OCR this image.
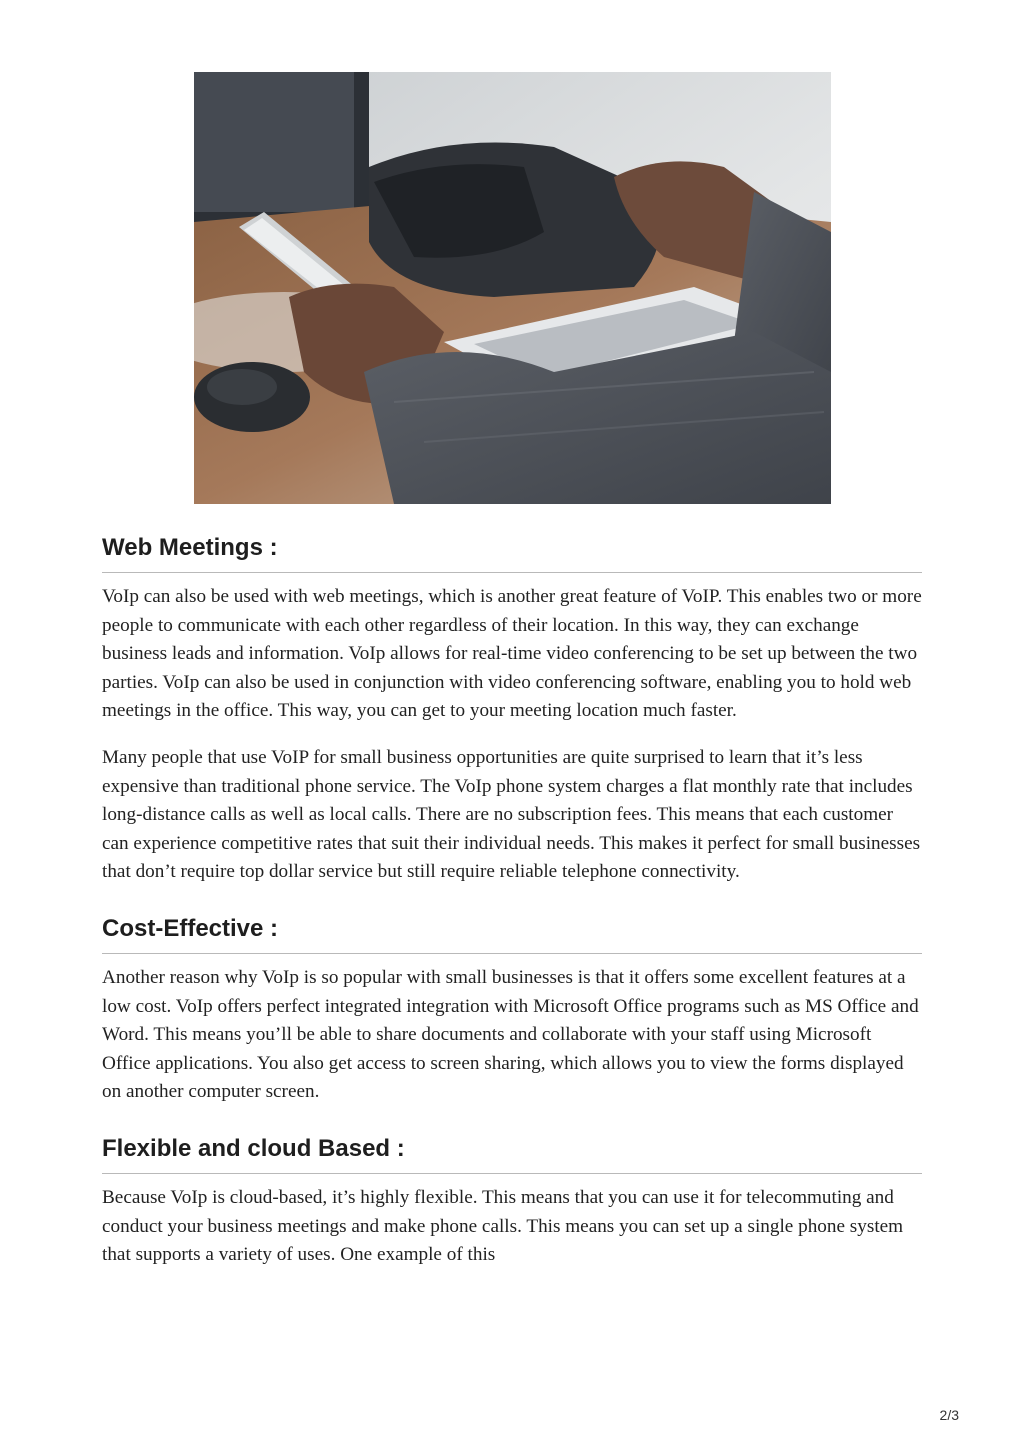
Web Meetings :

VoIp can also be used with web meetings, which is another great feature of VoIP. This enables two or more people to communicate with each other regardless of their location. In this way, they can exchange business leads and information. VoIp allows for real-time video conferencing to be set up between the two parties. VoIp can also be used in conjunction with video conferencing software, enabling you to hold web meetings in the office. This way, you can get to your meeting location much faster.

Many people that use VoIP for small business opportunities are quite surprised to learn that it’s less expensive than traditional phone service. The VoIp phone system charges a flat monthly rate that includes long-distance calls as well as local calls. There are no subscription fees. This means that each customer can experience competitive rates that suit their individual needs. This makes it perfect for small businesses that don’t require top dollar service but still require reliable telephone connectivity.

Cost-Effective :

Another reason why VoIp is so popular with small businesses is that it offers some excellent features at a low cost. VoIp offers perfect integrated integration with Microsoft Office programs such as MS Office and Word. This means you’ll be able to share documents and collaborate with your staff using Microsoft Office applications. You also get access to screen sharing, which allows you to view the forms displayed on another computer screen.

Flexible and cloud Based :

Because VoIp is cloud-based, it’s highly flexible. This means that you can use it for telecommuting and conduct your business meetings and make phone calls. This means you can set up a single phone system that supports a variety of uses. One example of this

2/3
